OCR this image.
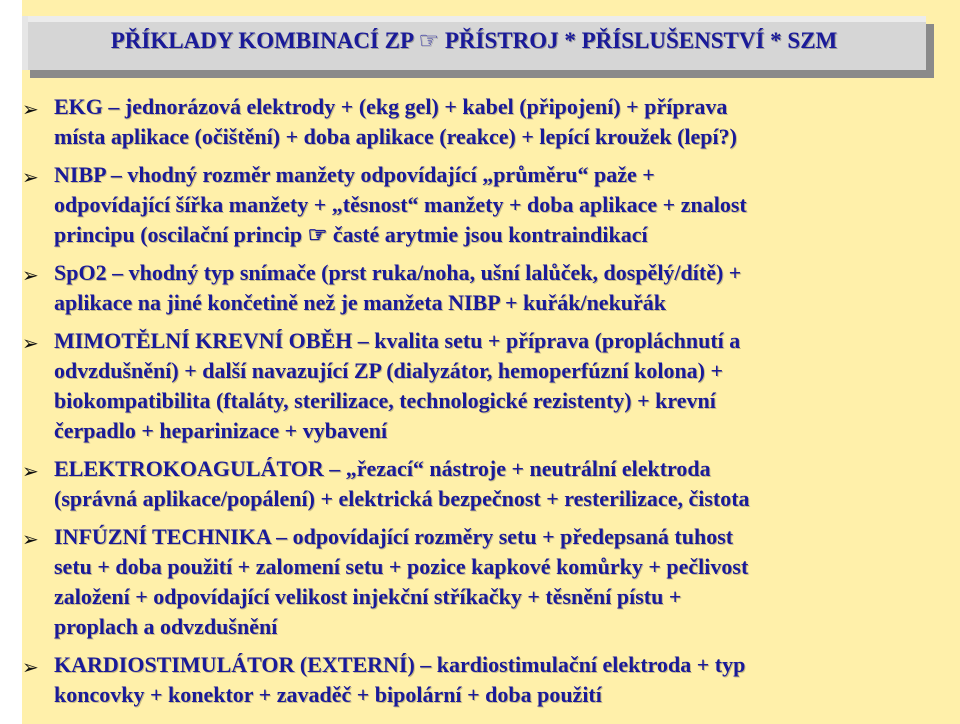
PŘÍKLADY KOMBINACÍ ZP ☞ PŘÍSTROJ * PŘÍSLUŠENSTVÍ * SZM
➢ EKG – jednorázová elektrody + (ekg gel) + kabel (připojení) + příprava
místa aplikace (očištění) + doba aplikace (reakce) + lepící kroužek (lepí?)
➢ NIBP – vhodný rozměr manžety odpovídající „průměru“ paže +
odpovídající šířka manžety + „těsnost“ manžety + doba aplikace + znalost
principu (oscilační princip ☞ časté arytmie jsou kontraindikací
➢ SpO2 – vhodný typ snímače (prst ruka/noha, ušní lalůček, dospělý/dítě) +
aplikace na jiné končetině než je manžeta NIBP + kuřák/nekuřák
➢ MIMOTĚLNÍ KREVNÍ OBĚH – kvalita setu + příprava (propláchnutí a
odvzdušnění) + další navazující ZP (dialyzátor, hemoperfúzní kolona) +
biokompatibilita (ftaláty, sterilizace, technologické rezistenty) + krevní
čerpadlo + heparinizace + vybavení
➢ ELEKTROKOAGULÁTOR – „řezací“ nástroje + neutrální elektroda
(správná aplikace/popálení) + elektrická bezpečnost + resterilizace, čistota
➢ INFÚZNÍ TECHNIKA – odpovídající rozměry setu + předepsaná tuhost
setu + doba použití + zalomení setu + pozice kapkové komůrky + pečlivost
založení + odpovídající velikost injekční stříkačky + těsnění pístu +
proplach a odvzdušnění
➢ KARDIOSTIMULÁTOR (EXTERNÍ) – kardiostimulační elektroda + typ
koncovky + konektor + zavaděč + bipolární + doba použití
